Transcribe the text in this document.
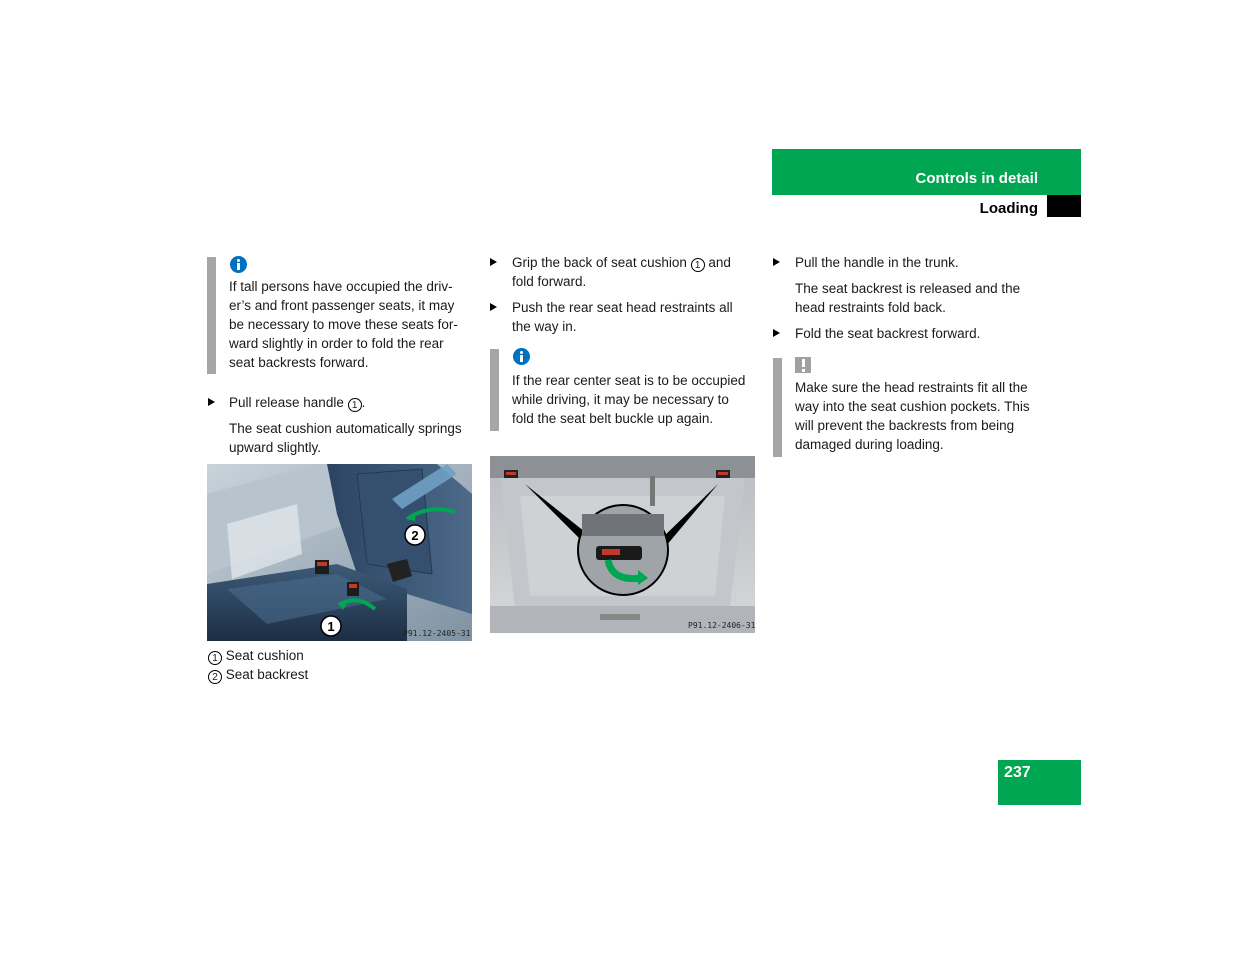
Controls in detail
Loading
If tall persons have occupied the driv-
er’s and front passenger seats, it may
be necessary to move these seats for-
ward slightly in order to fold the rear
seat backrests forward.
Pull release handle 1 .
The seat cushion automatically springs
upward slightly.
2
1	P91.12-2405-31
1 Seat cushion
2 Seat backrest
Grip the back of seat cushion 1 and
fold forward.
Push the rear seat head restraints all
the way in.
If the rear center seat is to be occupied
while driving, it may be necessary to
fold the seat belt buckle up again.
P91.12-2406-31
Pull the handle in the trunk.
The seat backrest is released and the
head restraints fold back.
Fold the seat backrest forward.
Make sure the head restraints fit all the
way into the seat cushion pockets. This
will prevent the backrests from being
damaged during loading.
237
